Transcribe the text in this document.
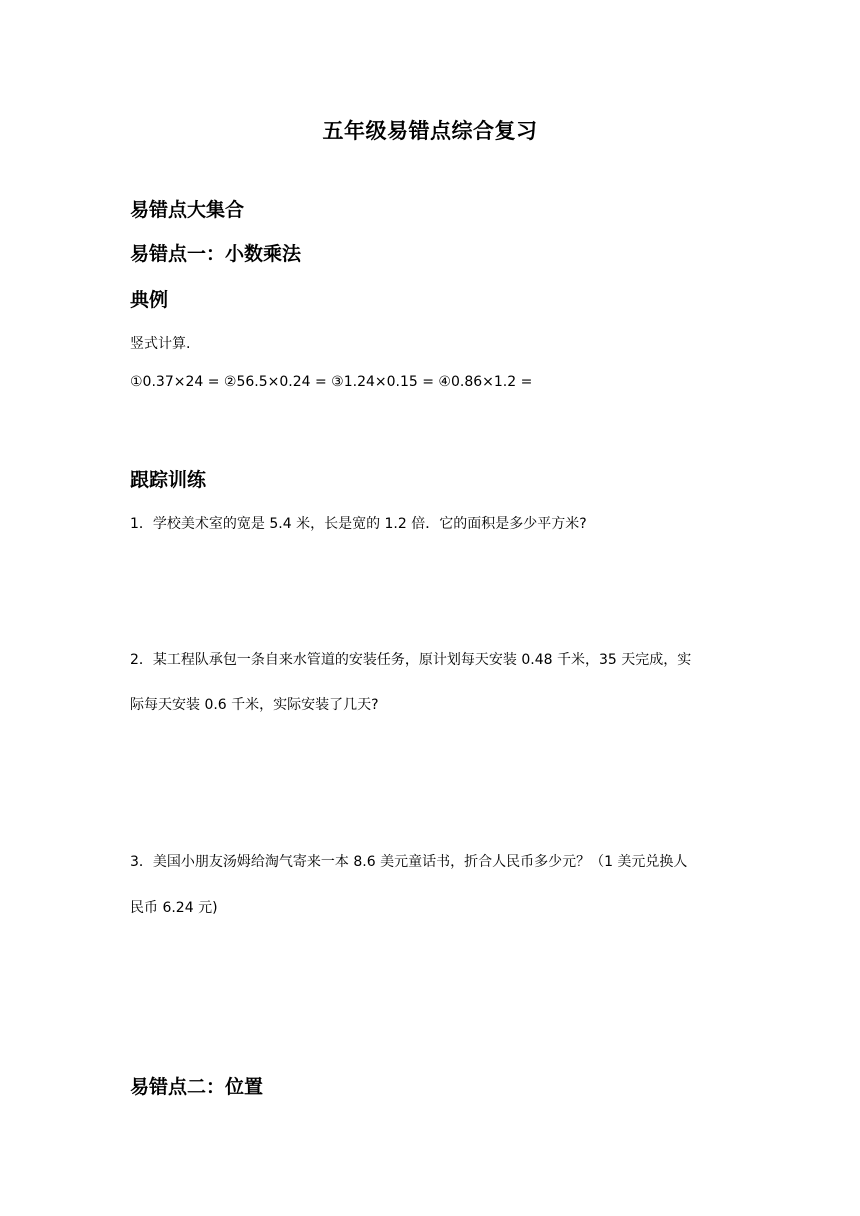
五年级易错点综合复习
易错点大集合
易错点一：小数乘法
典例
竖式计算.
①0.37×24 = ②56.5×0.24 = ③1.24×0.15 = ④0.86×1.2 =
跟踪训练
1．学校美术室的宽是 5.4 米，长是宽的 1.2 倍．它的面积是多少平方米?
2．某工程队承包一条自来水管道的安装任务，原计划每天安装 0.48 千米，35 天完成，实
际每天安装 0.6 千米，实际安装了几天?
3．美国小朋友汤姆给淘气寄来一本 8.6 美元童话书，折合人民币多少元？（1 美元兑换人
民币 6.24 元)
易错点二：位置
